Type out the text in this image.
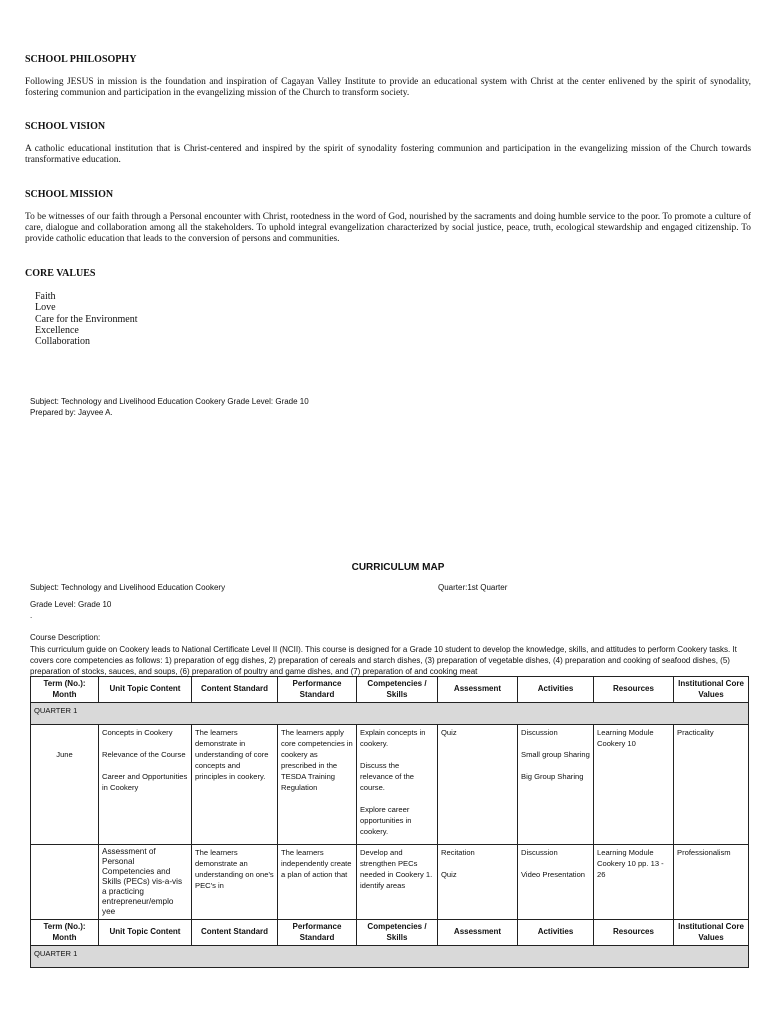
SCHOOL PHILOSOPHY
Following JESUS in mission is the foundation and inspiration of Cagayan Valley Institute to provide an educational system with Christ at the center enlivened by the spirit of synodality, fostering communion and participation in the evangelizing mission of the Church to transform society.
SCHOOL VISION
A catholic educational institution that is Christ-centered and inspired by the spirit of synodality fostering communion and participation in the evangelizing mission of the Church towards transformative education.
SCHOOL MISSION
To be witnesses of our faith through a Personal encounter with Christ, rootedness in the word of God, nourished by the sacraments and doing humble service to the poor. To promote a culture of care, dialogue and collaboration among all the stakeholders. To uphold integral evangelization characterized by social justice, peace, truth, ecological stewardship and engaged citizenship. To provide catholic education that leads to the conversion of persons and communities.
CORE VALUES
Faith
Love
Care for the Environment
Excellence
Collaboration
Subject: Technology and Livelihood Education Cookery Grade Level: Grade 10
Prepared by: Jayvee A.
CURRICULUM MAP
Subject: Technology and Livelihood Education Cookery	Quarter:1st Quarter
Grade Level: Grade 10
.
Course Description:
This curriculum guide on Cookery leads to National Certificate Level II (NCII). This course is designed for a Grade 10 student to develop the knowledge, skills, and attitudes to perform Cookery tasks. It covers core competencies as follows: 1) preparation of egg dishes, 2) preparation of cereals and starch dishes, (3) preparation of vegetable dishes, (4) preparation and cooking of seafood dishes, (5) preparation of stocks, sauces, and soups, (6) preparation of poultry and game dishes, and (7) preparation of and cooking meat
Term (No.): Month	Unit Topic Content	Content Standard	Performance Standard	Competencies / Skills	Assessment	Activities	Resources	Institutional Core Values
QUARTER 1								
June	Concepts in Cookery
Relevance of the Course
Career and Opportunities in Cookery	The learners demonstrate in understanding of core concepts and principles in cookery.	The learners apply core competencies in cookery as prescribed in the TESDA Training Regulation	Explain concepts in cookery.
Discuss the relevance of the course.
Explore career opportunities in cookery.	Quiz	Discussion
Small group Sharing
Big Group Sharing	Learning Module Cookery 10	Practicality
	Assessment of Personal Competencies and Skills (PECs) vis-a-vis a practicing entrepreneur/emplo yee	The learners demonstrate an understanding on one's PEC's in	The learners independently create a plan of action that	Develop and strengthen PECs needed in Cookery 1. identify areas	Recitation
Quiz	Discussion
Video Presentation	Learning Module Cookery 10 pp. 13 - 26	Professionalism
Term (No.): Month	Unit Topic Content	Content Standard	Performance Standard	Competencies / Skills	Assessment	Activities	Resources	Institutional Core Values
QUARTER 1								
